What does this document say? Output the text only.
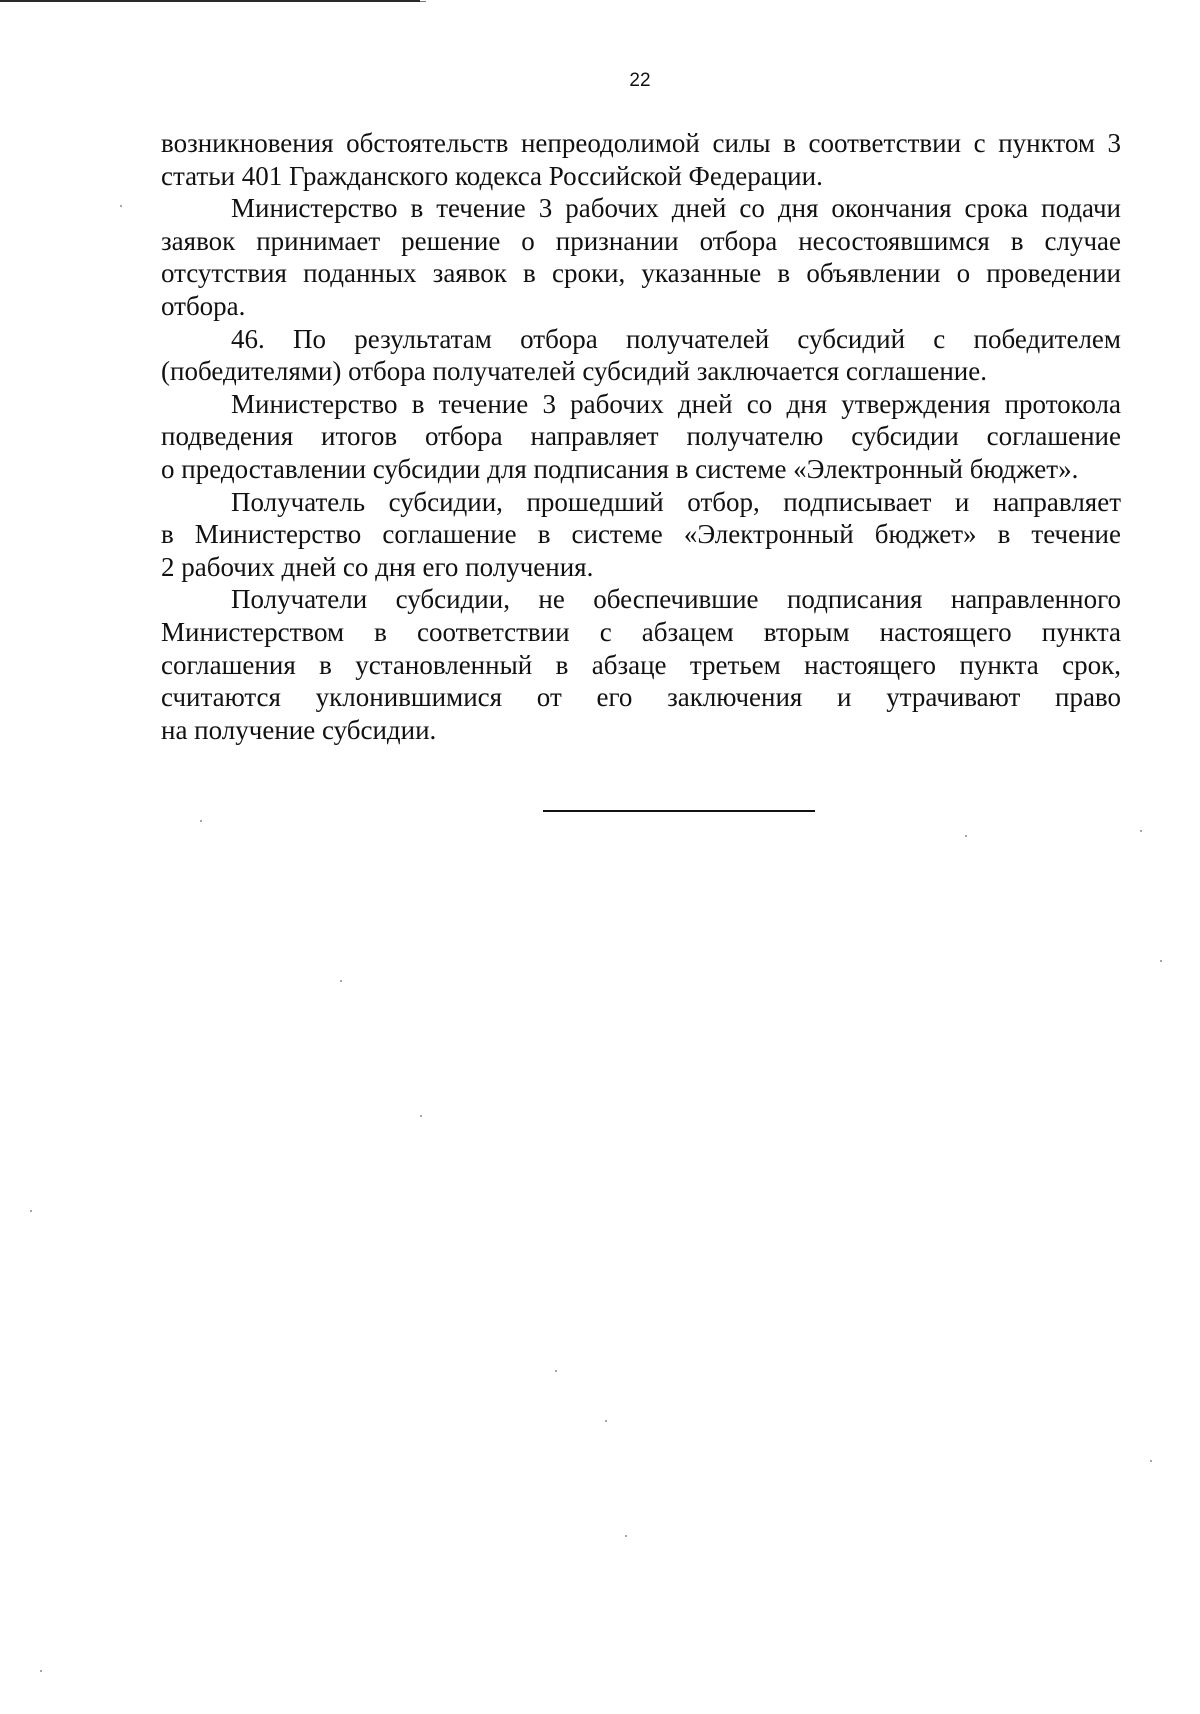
22

возникновения обстоятельств непреодолимой силы в соответствии с пунктом 3
статьи 401 Гражданского кодекса Российской Федерации.

Министерство в течение 3 рабочих дней со дня окончания срока подачи
заявок принимает решение о признании отбора несостоявшимся в случае
отсутствия поданных заявок в сроки, указанные в объявлении о проведении
отбора.

46. По результатам отбора получателей субсидий с победителем
(победителями) отбора получателей субсидий заключается соглашение.

Министерство в течение 3 рабочих дней со дня утверждения протокола
подведения итогов отбора направляет получателю субсидии соглашение
о предоставлении субсидии для подписания в системе «Электронный бюджет».

Получатель субсидии, прошедший отбор, подписывает и направляет
в Министерство соглашение в системе «Электронный бюджет» в течение
2 рабочих дней со дня его получения.

Получатели субсидии, не обеспечившие подписания направленного
Министерством в соответствии с абзацем вторым настоящего пункта
соглашения в установленный в абзаце третьем настоящего пункта срок,
считаются уклонившимися от его заключения и утрачивают право
на получение субсидии.
